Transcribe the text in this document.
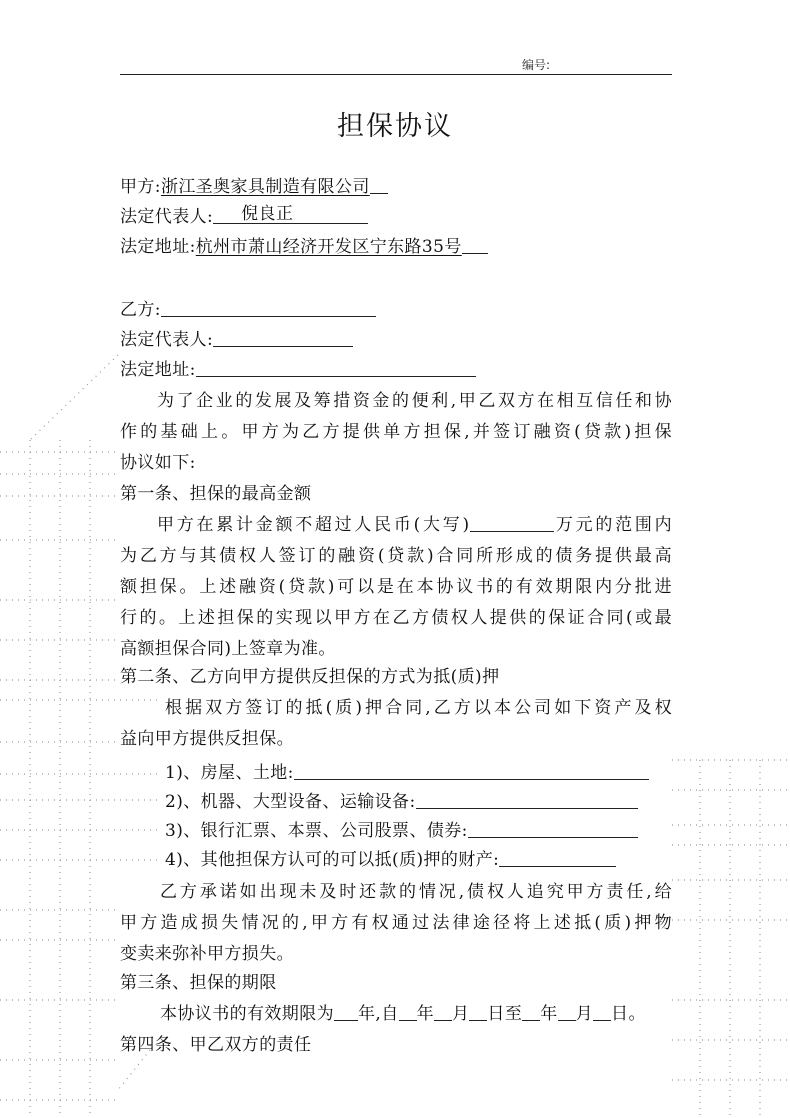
编号:
担保协议
甲方:浙江圣奥家具制造有限公司
法定代表人: 倪良正
法定地址:杭州市萧山经济开发区宁东路35号
乙方:
法定代表人:
法定地址:
为了企业的发展及筹措资金的便利,甲乙双方在相互信任和协
作的基础上。甲方为乙方提供单方担保,并签订融资(贷款)担保
协议如下:
第一条、担保的最高金额
甲方在累计金额不超过人民币(大写)	万元的范围内
为乙方与其债权人签订的融资(贷款)合同所形成的债务提供最高
额担保。上述融资(贷款)可以是在本协议书的有效期限内分批进
行的。上述担保的实现以甲方在乙方债权人提供的保证合同(或最
高额担保合同)上签章为准。
第二条、乙方向甲方提供反担保的方式为抵(质)押
根据双方签订的抵(质)押合同,乙方以本公司如下资产及权
益向甲方提供反担保。
1)、房屋、土地:
2)、机器、大型设备、运输设备:
3)、银行汇票、本票、公司股票、债券:
4)、其他担保方认可的可以抵(质)押的财产:
乙方承诺如出现未及时还款的情况,债权人追究甲方责任,给
甲方造成损失情况的,甲方有权通过法律途径将上述抵(质)押物
变卖来弥补甲方损失。
第三条、担保的期限
本协议书的有效期限为 年,自 年 月 日至 年 月 日。
第四条、甲乙双方的责任
